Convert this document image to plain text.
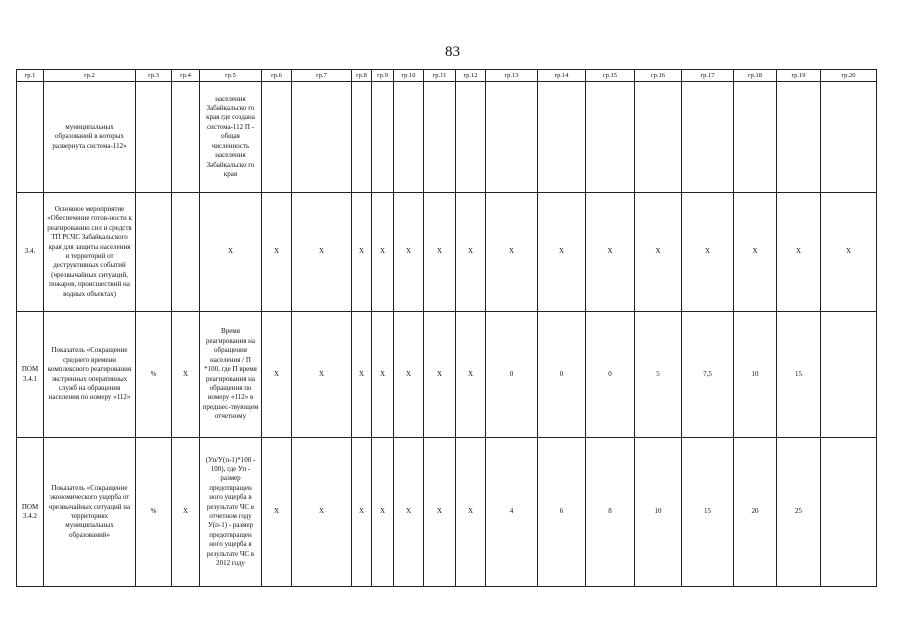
83
гр.1	гр.2	гр.3	гр.4	гр.5	гр.6	гр.7	гр.8	гр.9	гр.10	гр.11	гр.12	гр.13	гр.14	гр.15	гр.16	гр.17	гр.18	гр.19	гр.20
	муниципальных образований в которых развернута система-112»			населения Забайкальско го края где создана система-112 П - общая численность населения Забайкальско го края															
3.4.	Основное мероприятие «Обеспечение готов-ности к реагированию сил и средств ТП РСЧС Забайкальского края для защиты населения и территорий от деструктивных событий (чрезвычайных ситуаций, пожаров, происшествий на водных объектах)			X	X	X	X	X	X	X	X	X	X	X	X	X	X	X	X
ПОМ 3.4.1	Показатель «Сокращение среднего времени комплексного реагирования экстренных оперативных служб на обращения населения по номеру «112»	%	X	Время реагирования на обращения населения / П *100, где П время реагирования на обращения по номеру «112» в предшес-твующем отчетному	X	X	X	X	X	X	X	0	0	0	5	7,5	10	15	
ПОМ 3.4.2	Показатель «Сокращение экономического ущерба от чрезвычайных ситуаций на территориях муниципальных образований»	%	X	(Уп/У(п-1)*100 - 100), где Уп - размер предотвращен ного ущерба в результате ЧС в отчетном году У(п-1) - размер предотвращен ного ущерба в результате ЧС в 2012 году	X	X	X	X	X	X	X	4	6	8	10	15	20	25	
